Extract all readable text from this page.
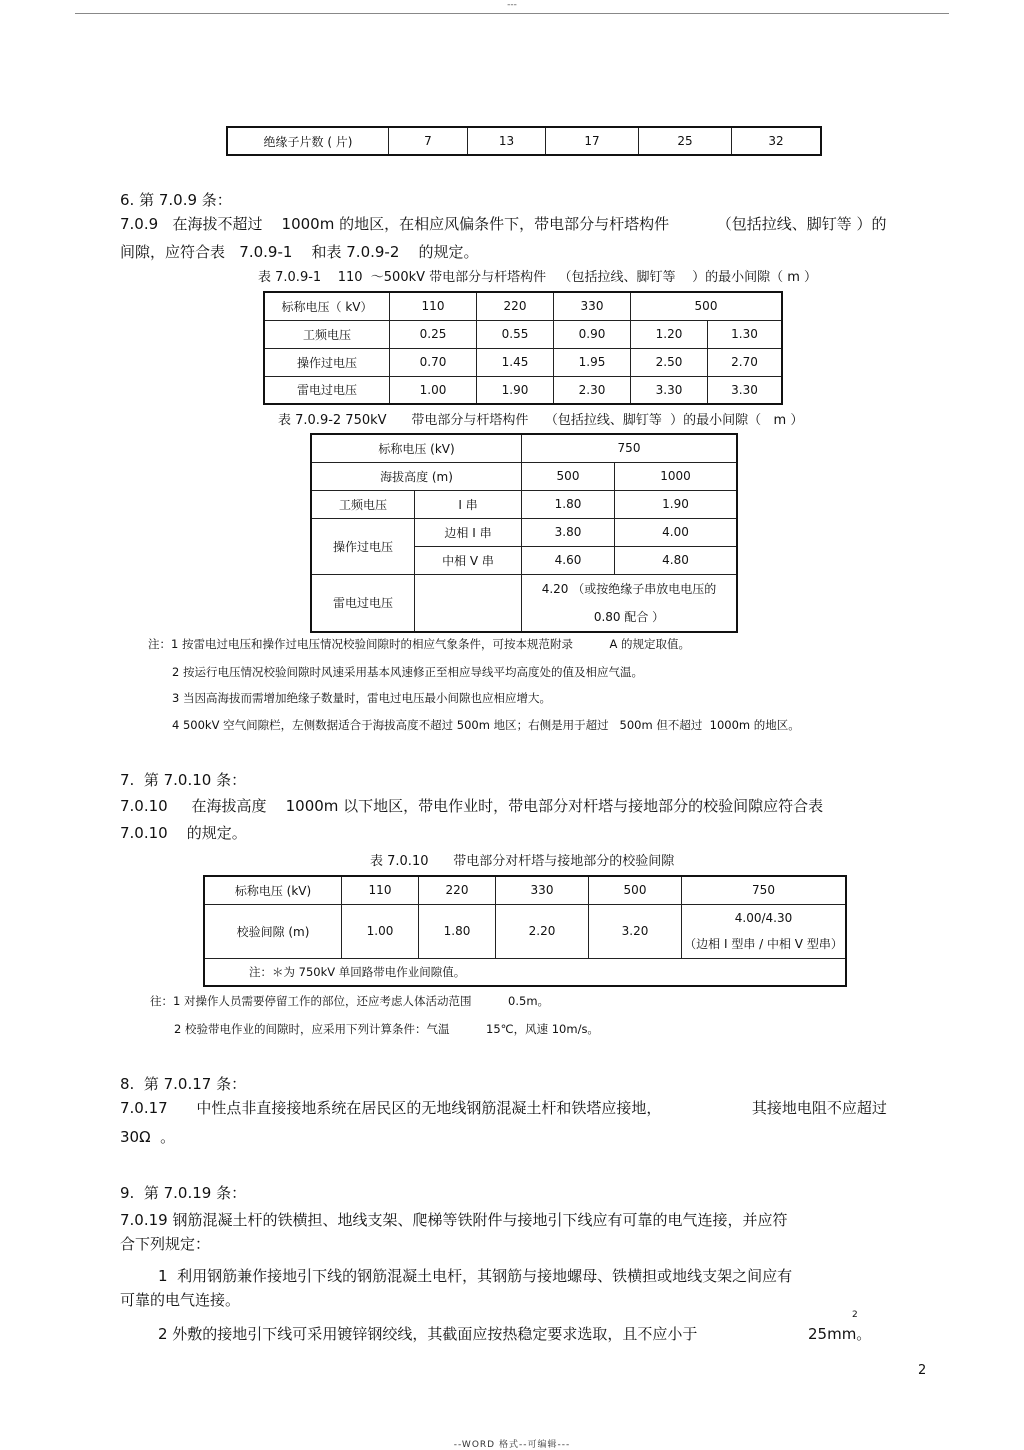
---
绝缘子片数 ( 片)	7	13	17	25	32
6. 第 7.0.9 条：
7.0.9   在海拔不超过    1000m 的地区，在相应风偏条件下，带电部分与杆塔构件          （包括拉线、脚钉等 ）的
间隙，应符合表   7.0.9-1    和表 7.0.9-2    的规定。
表 7.0.9-1    110  ～500kV 带电部分与杆塔构件   （包括拉线、脚钉等    ）的最小间隙（ m ）
标称电压（ kV）	110	220	330	500	
工频电压	0.25	0.55	0.90	1.20	1.30
操作过电压	0.70	1.45	1.95	2.50	2.70
雷电过电压	1.00	1.90	2.30	3.30	3.30
表 7.0.9-2 750kV      带电部分与杆塔构件    （包括拉线、脚钉等  ）的最小间隙（   m ）
标称电压 (kV)		750	
海拔高度 (m)		500	1000
工频电压	I 串	1.80	1.90
操作过电压	边相 I 串	3.80	4.00
	中相 V 串	4.60	4.80
雷电过电压		4.20 （或按绝缘子串放电电压的
0.80 配合 ）	
注：1 按雷电过电压和操作过电压情况校验间隙时的相应气象条件，可按本规范附录          A 的规定取值。
2 按运行电压情况校验间隙时风速采用基本风速修正至相应导线平均高度处的值及相应气温。
3 当因高海拔而需增加绝缘子数量时，雷电过电压最小间隙也应相应增大。
4 500kV 空气间隙栏，左侧数据适合于海拔高度不超过 500m 地区；右侧是用于超过   500m 但不超过  1000m 的地区。
7.  第 7.0.10 条：
7.0.10     在海拔高度    1000m 以下地区，带电作业时，带电部分对杆塔与接地部分的校验间隙应符合表
7.0.10    的规定。
表 7.0.10      带电部分对杆塔与接地部分的校验间隙
标称电压 (kV)	110	220	330	500	750
校验间隙 (m)	1.00	1.80	2.20	3.20	4.00/4.30
（边相 I 型串 / 中相 V 型串）

注：＊为 750kV 单回路带电作业间隙值。					
往：1 对操作人员需要停留工作的部位，还应考虑人体活动范围          0.5m。
2 校验带电作业的间隙时，应采用下列计算条件：气温          15℃，风速 10m/s。
8.  第 7.0.17 条：
7.0.17      中性点非直接接地系统在居民区的无地线钢筋混凝土杆和铁塔应接地，                   其接地电阻不应超过
30Ω  。
9.  第 7.0.19 条：
7.0.19 钢筋混凝土杆的铁横担、地线支架、爬梯等铁附件与接地引下线应有可靠的电气连接，并应符
合下列规定：
1  利用钢筋兼作接地引下线的钢筋混凝土电杆，其钢筋与接地螺母、铁横担或地线支架之间应有
可靠的电气连接。
2
2 外敷的接地引下线可采用镀锌钢绞线，其截面应按热稳定要求选取，且不应小于	25mm。
2
--WORD 格式--可编辑---
